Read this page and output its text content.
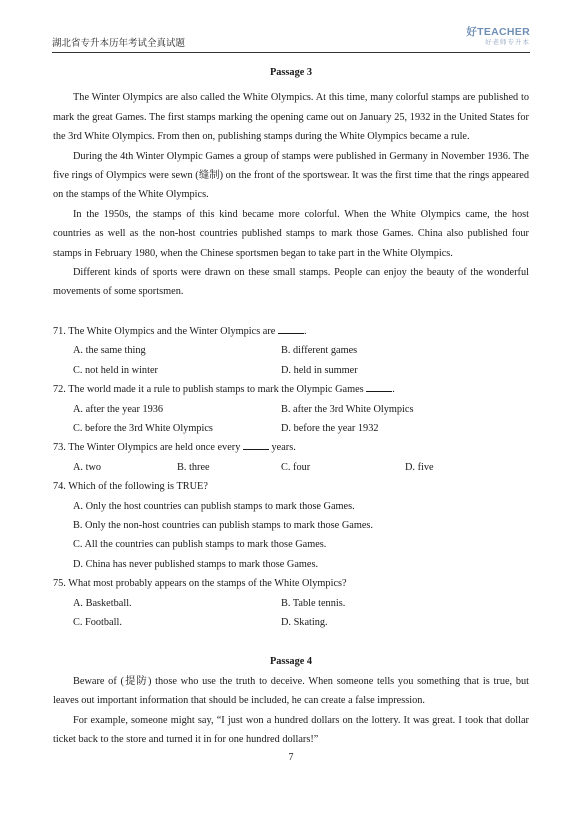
湖北省专升本历年考试全真试题
好TEACHER
好老师专升本

Passage 3

The Winter Olympics are also called the White Olympics. At this time, many colorful stamps are published to mark the great Games. The first stamps marking the opening came out on January 25, 1932 in the United States for the 3rd White Olympics. From then on, publishing stamps during the White Olympics became a rule.

During the 4th Winter Olympic Games a group of stamps were published in Germany in November 1936. The five rings of Olympics were sewn (缝制) on the front of the sportswear. It was the first time that the rings appeared on the stamps of the White Olympics.

In the 1950s, the stamps of this kind became more colorful. When the White Olympics came, the host countries as well as the non-host countries published stamps to mark those Games. China also published four stamps in February 1980, when the Chinese sportsmen began to take part in the White Olympics.

Different kinds of sports were drawn on these small stamps. People can enjoy the beauty of the wonderful movements of some sportsmen.

71. The White Olympics and the Winter Olympics are	.

A. the same thing	B. different games
C. not held in winter	D. held in summer

72. The world made it a rule to publish stamps to mark the Olympic Games	.

A. after the year 1936	B. after the 3rd White Olympics
C. before the 3rd White Olympics	D. before the year 1932

73. The Winter Olympics are held once every	years.

A. two	B. three	C. four	D. five

74. Which of the following is TRUE?

A. Only the host countries can publish stamps to mark those Games.
B. Only the non-host countries can publish stamps to mark those Games.
C. All the countries can publish stamps to mark those Games.
D. China has never published stamps to mark those Games.

75. What most probably appears on the stamps of the White Olympics?

A. Basketball.	B. Table tennis.
C. Football.	D. Skating.

Passage 4

Beware of (提防) those who use the truth to deceive. When someone tells you something that is true, but leaves out important information that should be included, he can create a false impression.

For example, someone might say, “I just won a hundred dollars on the lottery. It was great. I took that dollar ticket back to the store and turned it in for one hundred dollars!”

7
